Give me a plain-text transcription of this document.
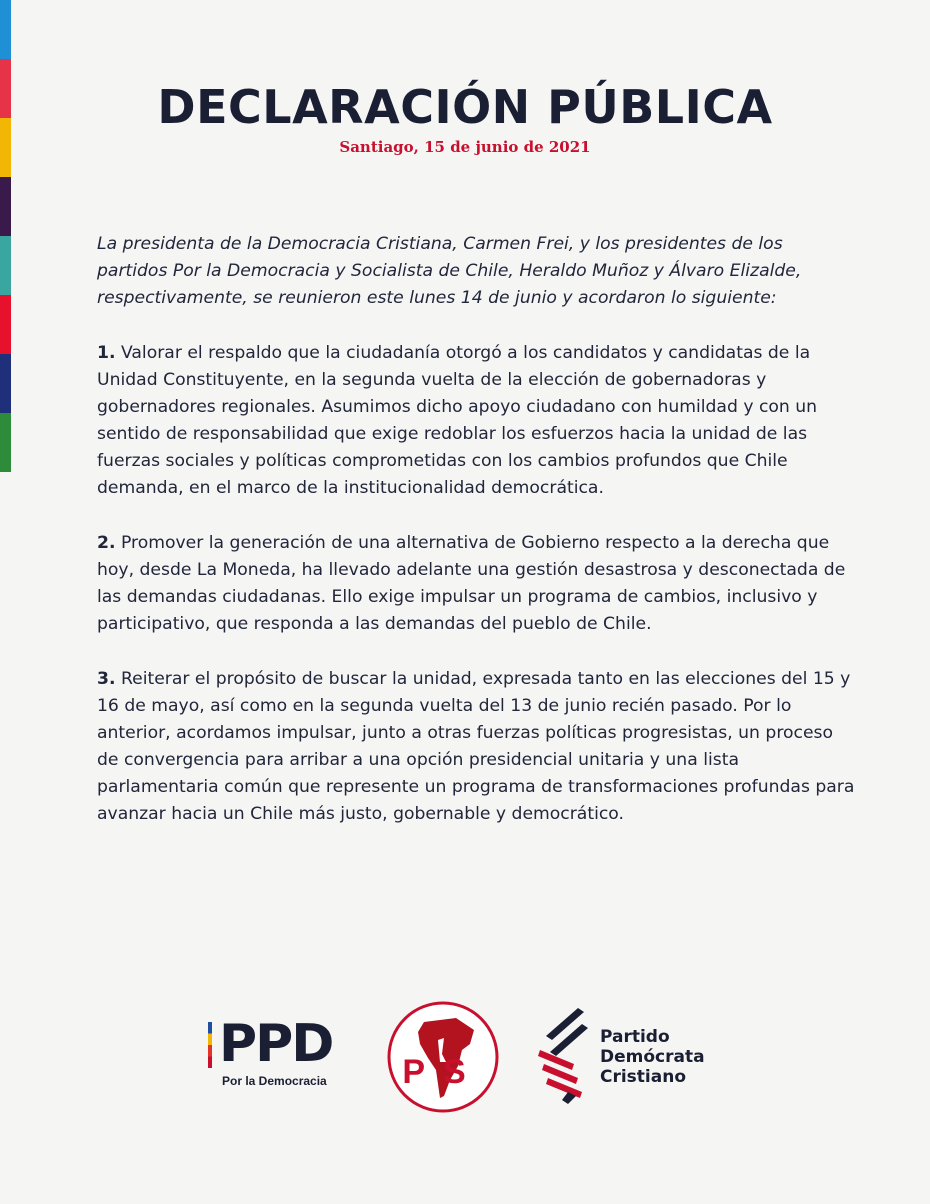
DECLARACIÓN PÚBLICA
Santiago, 15 de junio de 2021

La presidenta de la Democracia Cristiana, Carmen Frei, y los presidentes de los partidos Por la Democracia y Socialista de Chile, Heraldo Muñoz y Álvaro Elizalde, respectivamente, se reunieron este lunes 14 de junio y acordaron lo siguiente:

1. Valorar el respaldo que la ciudadanía otorgó a los candidatos y candidatas de la Unidad Constituyente, en la segunda vuelta de la elección de gobernadoras y gobernadores regionales. Asumimos dicho apoyo ciudadano con humildad y con un sentido de responsabilidad que exige redoblar los esfuerzos hacia la unidad de las fuerzas sociales y políticas comprometidas con los cambios profundos que Chile demanda, en el marco de la institucionalidad democrática.

2. Promover la generación de una alternativa de Gobierno respecto a la derecha que hoy, desde La Moneda, ha llevado adelante una gestión desastrosa y desconectada de las demandas ciudadanas. Ello exige impulsar un programa de cambios, inclusivo y participativo, que responda a las demandas del pueblo de Chile.

3. Reiterar el propósito de buscar la unidad, expresada tanto en las elecciones del 15 y 16 de mayo, así como en la segunda vuelta del 13 de junio recién pasado. Por lo anterior, acordamos impulsar, junto a otras fuerzas políticas progresistas, un proceso de convergencia para arribar a una opción presidencial unitaria y una lista parlamentaria común que represente un programa de transformaciones profundas para avanzar hacia un Chile más justo, gobernable y democrático.

PPD
Por la Democracia	PS
Partido
Demócrata
Cristiano
